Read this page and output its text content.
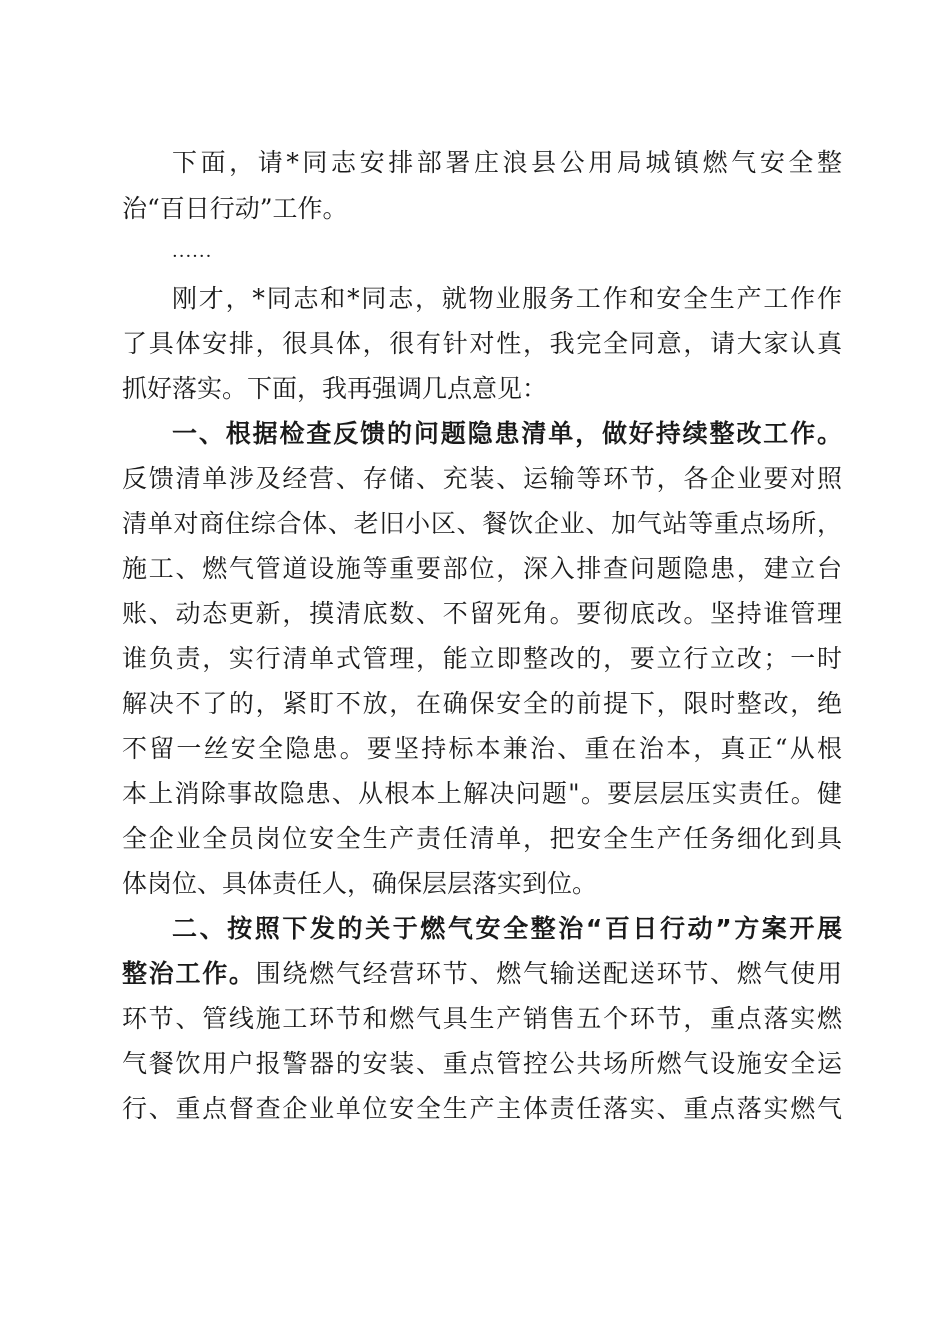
下面，请*同志安排部署庄浪县公用局城镇燃气安全整
治“百日行动”工作。
······
刚才，*同志和*同志，就物业服务工作和安全生产工作作
了具体安排，很具体，很有针对性，我完全同意，请大家认真
抓好落实。下面，我再强调几点意见：
一、根据检查反馈的问题隐患清单，做好持续整改工作。
反馈清单涉及经营、存储、充装、运输等环节，各企业要对照
清单对商住综合体、老旧小区、餐饮企业、加气站等重点场所，
施工、燃气管道设施等重要部位，深入排查问题隐患，建立台
账、动态更新，摸清底数、不留死角。要彻底改。坚持谁管理
谁负责，实行清单式管理，能立即整改的，要立行立改；一时
解决不了的，紧盯不放，在确保安全的前提下，限时整改，绝
不留一丝安全隐患。要坚持标本兼治、重在治本，真正“从根
本上消除事故隐患、从根本上解决问题"。要层层压实责任。健
全企业全员岗位安全生产责任清单，把安全生产任务细化到具
体岗位、具体责任人，确保层层落实到位。
二、按照下发的关于燃气安全整治“百日行动”方案开展
整治工作。围绕燃气经营环节、燃气输送配送环节、燃气使用
环节、管线施工环节和燃气具生产销售五个环节，重点落实燃
气餐饮用户报警器的安装、重点管控公共场所燃气设施安全运
行、重点督查企业单位安全生产主体责任落实、重点落实燃气
